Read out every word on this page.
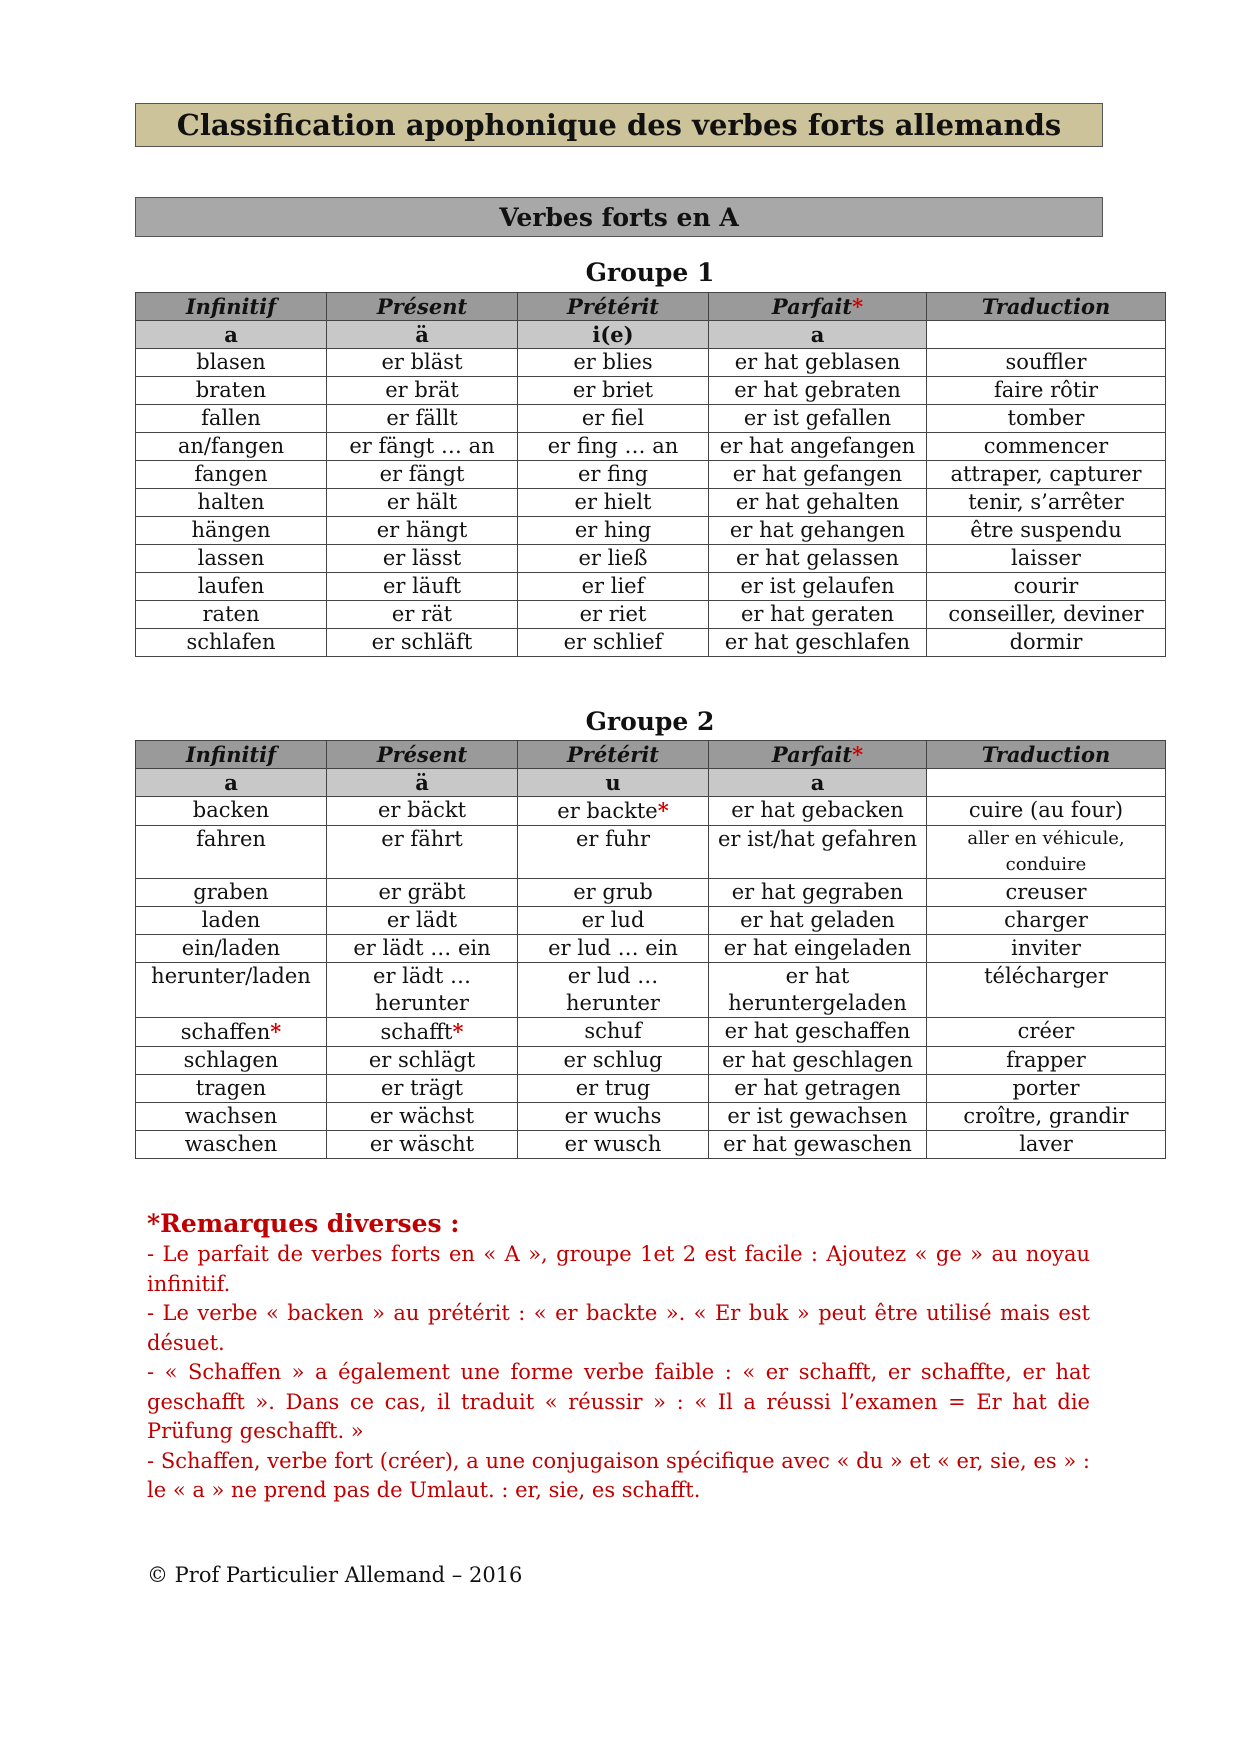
Classification apophonique des verbes forts allemands
Verbes forts en A
Groupe 1
Infinitif	Présent	Prétérit	Parfait*	Traduction
a	ä	i(e)	a	
blasen	er bläst	er blies	er hat geblasen	souffler
braten	er brät	er briet	er hat gebraten	faire rôtir
fallen	er fällt	er fiel	er ist gefallen	tomber
an/fangen	er fängt … an	er fing … an	er hat angefangen	commencer
fangen	er fängt	er fing	er hat gefangen	attraper, capturer
halten	er hält	er hielt	er hat gehalten	tenir, s’arrêter
hängen	er hängt	er hing	er hat gehangen	être suspendu
lassen	er lässt	er ließ	er hat gelassen	laisser
laufen	er läuft	er lief	er ist gelaufen	courir
raten	er rät	er riet	er hat geraten	conseiller, deviner
schlafen	er schläft	er schlief	er hat geschlafen	dormir
Groupe 2
Infinitif	Présent	Prétérit	Parfait*	Traduction
a	ä	u	a	
backen	er bäckt	er backte*	er hat gebacken	cuire (au four)
fahren	er fährt	er fuhr	er ist/hat gefahren	aller en véhicule, conduire
graben	er gräbt	er grub	er hat gegraben	creuser
laden	er lädt	er lud	er hat geladen	charger
ein/laden	er lädt … ein	er lud … ein	er hat eingeladen	inviter
herunter/laden	er lädt … herunter	er lud … herunter	er hat heruntergeladen	télécharger
schaffen*	schafft*	schuf	er hat geschaffen	créer
schlagen	er schlägt	er schlug	er hat geschlagen	frapper
tragen	er trägt	er trug	er hat getragen	porter
wachsen	er wächst	er wuchs	er ist gewachsen	croître, grandir
waschen	er wäscht	er wusch	er hat gewaschen	laver
*Remarques diverses :

- Le parfait de verbes forts en « A », groupe 1et 2 est facile : Ajoutez « ge » au noyau infinitif.

- Le verbe « backen » au prétérit : « er backte ». « Er buk » peut être utilisé mais est désuet.

- « Schaffen » a également une forme verbe faible : « er schafft, er schaffte, er hat geschafft ». Dans ce cas, il traduit « réussir » : « Il a réussi l’examen = Er hat die Prüfung geschafft. »

- Schaffen, verbe fort (créer), a une conjugaison spécifique avec « du » et « er, sie, es » : le « a » ne prend pas de Umlaut. : er, sie, es schafft.

© Prof Particulier Allemand – 2016
